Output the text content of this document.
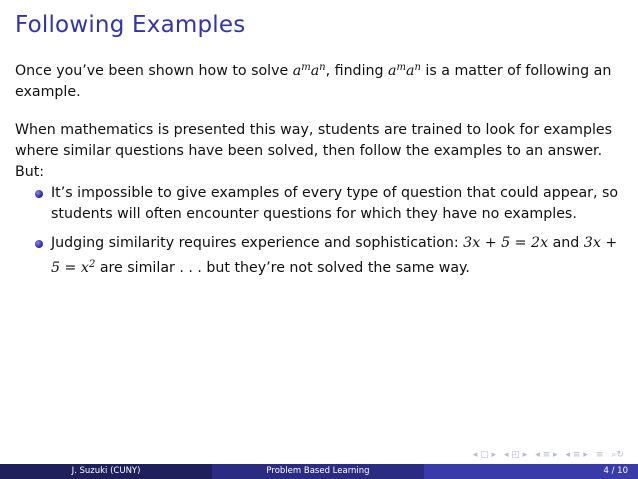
Following Examples
Once you’ve been shown how to solve $a^ma^n$, finding $a^ma^n$ is a matter of following an example.
When mathematics is presented this way, students are trained to look for examples where similar questions have been solved, then follow the examples to an answer. But:
It’s impossible to give examples of every type of question that could appear, so students will often encounter questions for which they have no examples.
Judging similarity requires experience and sophistication: 3x + 5 = 2x and $3x + 5 = x^2$ are similar . . . but they’re not solved the same way.
◂ ▢ ▸ ◂ ◰ ▸ ◂ ≡ ▸ ◂ ≡ ▸ ≡ ⌕↻
J. Suzuki (CUNY)	Problem Based Learning	4 / 10
